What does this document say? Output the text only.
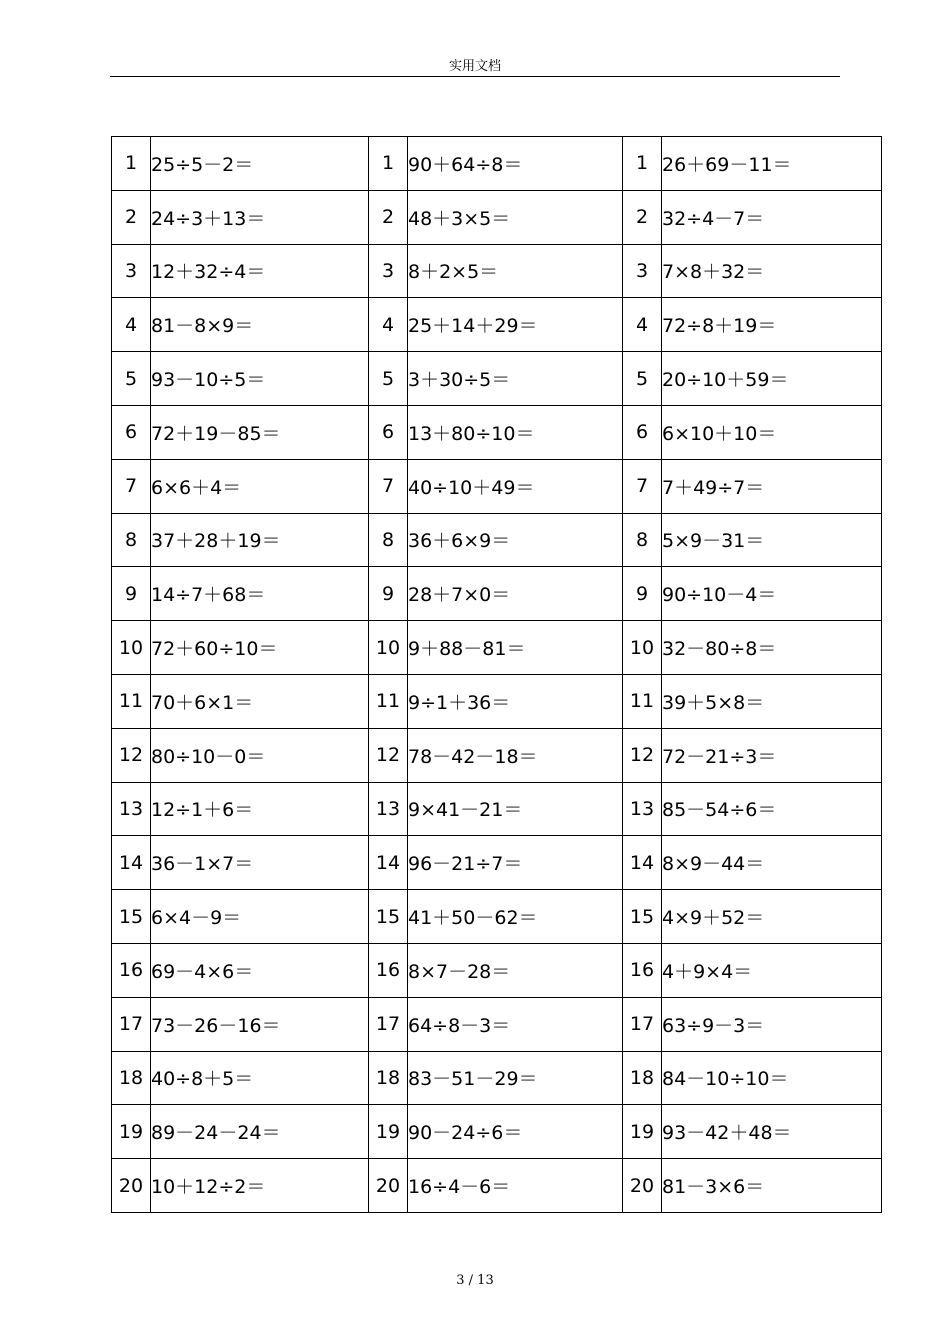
实用文档
1	25÷5－2＝	1	90＋64÷8＝	1	26＋69－11＝
2	24÷3＋13＝	2	48＋3×5＝	2	32÷4－7＝
3	12＋32÷4＝	3	8＋2×5＝	3	7×8＋32＝
4	81－8×9＝	4	25＋14＋29＝	4	72÷8＋19＝
5	93－10÷5＝	5	3＋30÷5＝	5	20÷10＋59＝
6	72＋19－85＝	6	13＋80÷10＝	6	6×10＋10＝
7	6×6＋4＝	7	40÷10＋49＝	7	7＋49÷7＝
8	37＋28＋19＝	8	36＋6×9＝	8	5×9－31＝
9	14÷7＋68＝	9	28＋7×0＝	9	90÷10－4＝
10	72＋60÷10＝	10	9＋88－81＝	10	32－80÷8＝
11	70＋6×1＝	11	9÷1＋36＝	11	39＋5×8＝
12	80÷10－0＝	12	78－42－18＝	12	72－21÷3＝
13	12÷1＋6＝	13	9×41－21＝	13	85－54÷6＝
14	36－1×7＝	14	96－21÷7＝	14	8×9－44＝
15	6×4－9＝	15	41＋50－62＝	15	4×9＋52＝
16	69－4×6＝	16	8×7－28＝	16	4＋9×4＝
17	73－26－16＝	17	64÷8－3＝	17	63÷9－3＝
18	40÷8＋5＝	18	83－51－29＝	18	84－10÷10＝
19	89－24－24＝	19	90－24÷6＝	19	93－42＋48＝
20	10＋12÷2＝	20	16÷4－6＝	20	81－3×6＝
3 / 13
